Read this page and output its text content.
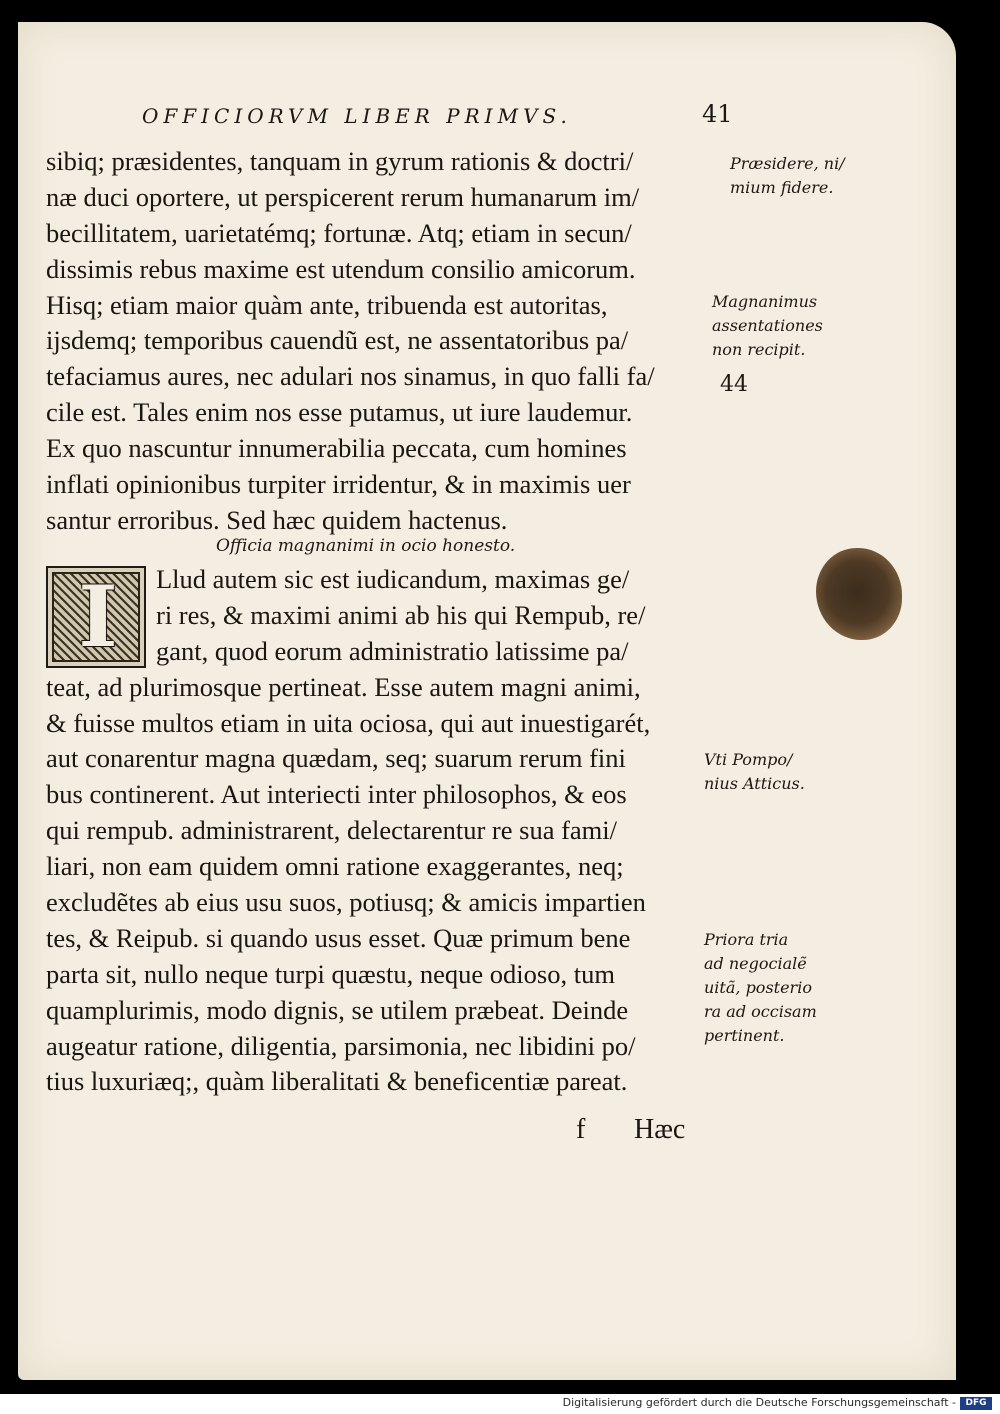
OFFICIORVM LIBER PRIMVS.	41
sibiq; præsidentes, tanquam in gyrum rationis & doctri/
næ duci oportere, ut perspicerent rerum humanarum im/
becillitatem, uarietatémq; fortunæ. Atq; etiam in secun/
dissimis rebus maxime est utendum consilio amicorum.
Hisq; etiam maior quàm ante, tribuenda est autoritas,
ijsdemq; temporibus cauendũ est, ne assentatoribus pa/
tefaciamus aures, nec adulari nos sinamus, in quo falli fa/
cile est. Tales enim nos esse putamus, ut iure laudemur.
Ex quo nascuntur innumerabilia peccata, cum homines
inflati opinionibus turpiter irridentur, & in maximis uer
santur erroribus. Sed hæc quidem hactenus.
Officia magnanimi in ocio honesto.
I	Llud autem sic est iudicandum, maximas ge/
ri res, & maximi animi ab his qui Rempub, re/
gant, quod eorum administratio latissime pa/
teat, ad plurimosque pertineat. Esse autem magni animi,
& fuisse multos etiam in uita ociosa, qui aut inuestigarét,
aut conarentur magna quædam, seq; suarum rerum fini
bus continerent. Aut interiecti inter philosophos, & eos
qui rempub. administrarent, delectarentur re sua fami/
liari, non eam quidem omni ratione exaggerantes, neq;
excludẽtes ab eius usu suos, potiusq; & amicis impartien
tes, & Reipub. si quando usus esset. Quæ primum bene
parta sit, nullo neque turpi quæstu, neque odioso, tum
quamplurimis, modo dignis, se utilem præbeat. Deinde
augeatur ratione, diligentia, parsimonia, nec libidini po/
tius luxuriæq;, quàm liberalitati & beneficentiæ pareat.
Præsidere, ni/
mium fidere.
Magnanimus
assentationes
non recipit.
44
Vti Pompo/
nius Atticus.
Priora tria
ad negocialẽ
uitã, posterio
ra ad occisam
pertinent.
f Hæc
Digitalisierung gefördert durch die Deutsche Forschungsgemeinschaft -	DFG
